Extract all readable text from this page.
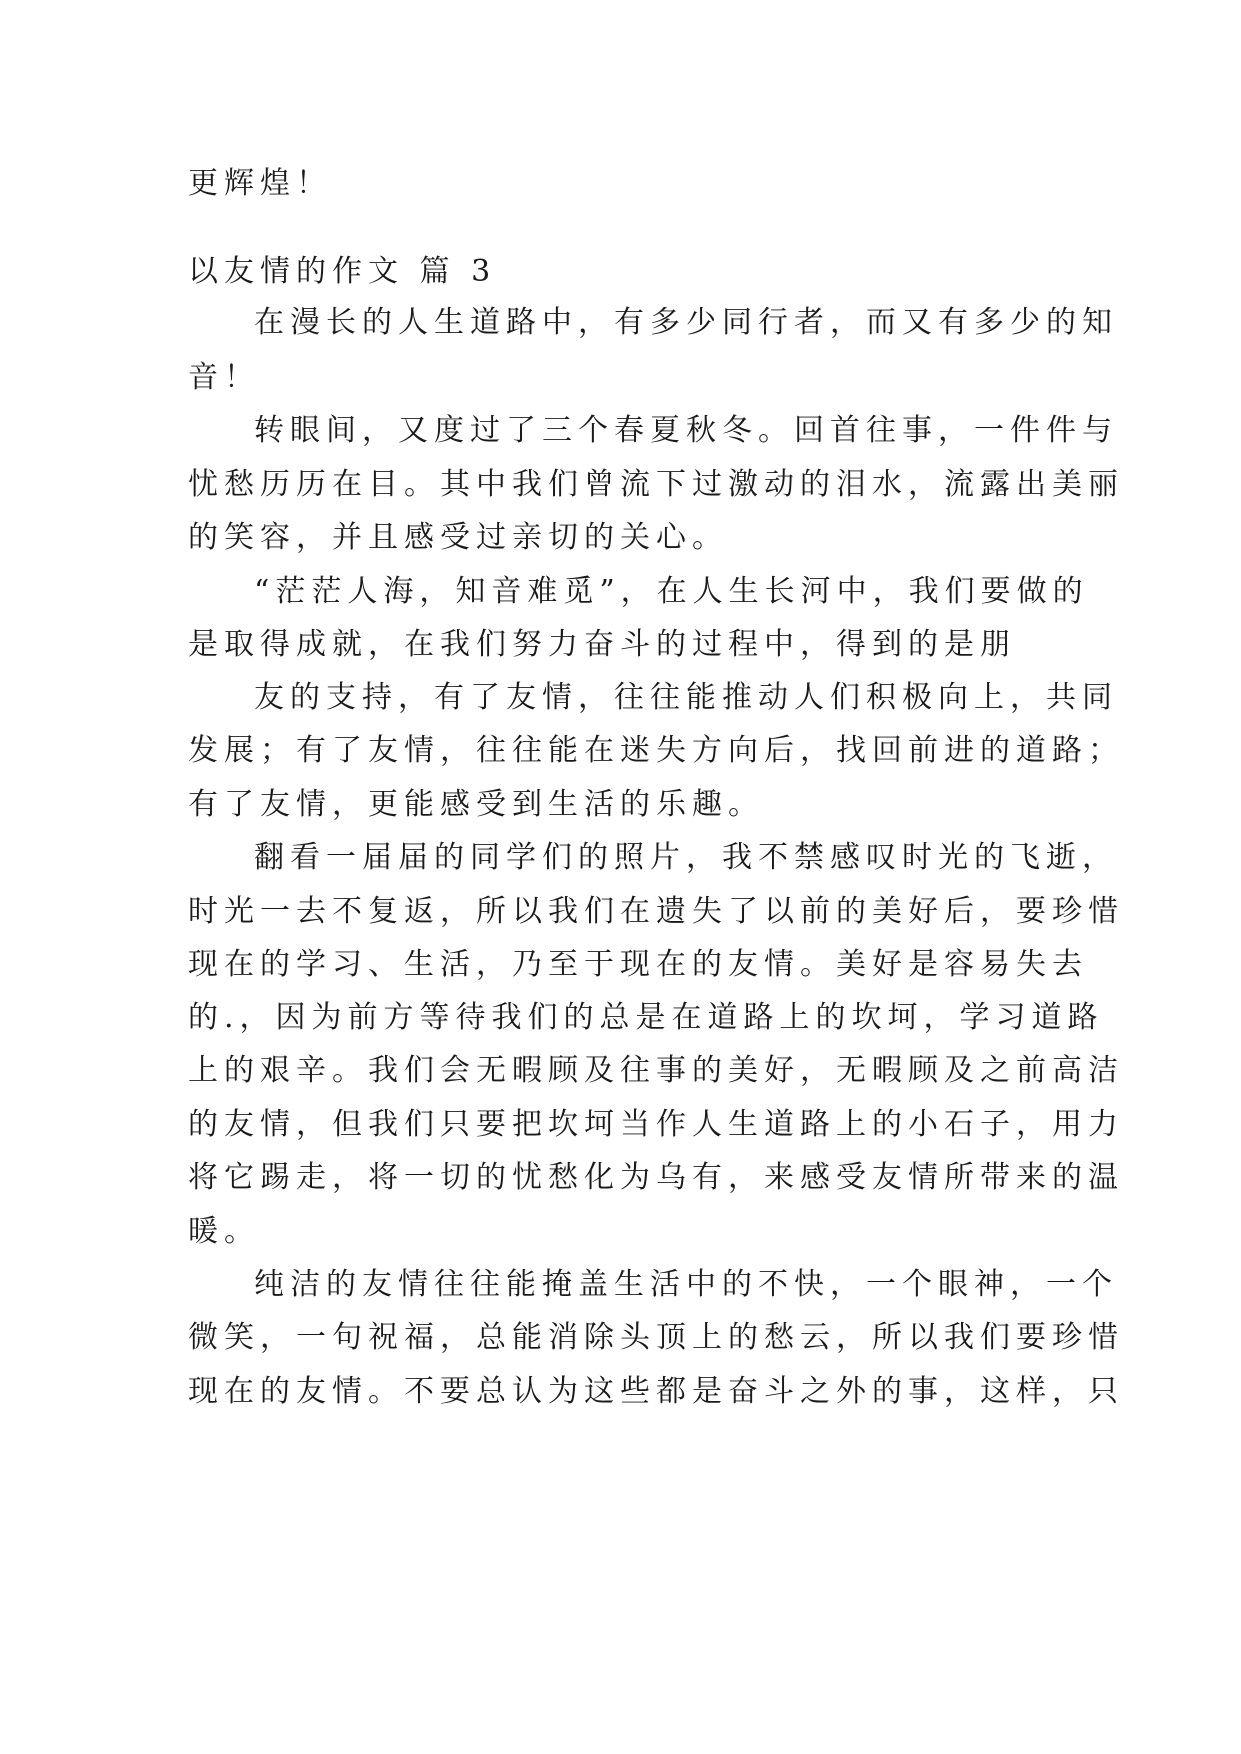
更辉煌！
以友情的作文 篇 3
在漫长的人生道路中，有多少同行者，而又有多少的知
音！
转眼间，又度过了三个春夏秋冬。回首往事，一件件与
忧愁历历在目。其中我们曾流下过激动的泪水，流露出美丽
的笑容，并且感受过亲切的关心。
“茫茫人海，知音难觅”，在人生长河中，我们要做的
是取得成就，在我们努力奋斗的过程中，得到的是朋
友的支持，有了友情，往往能推动人们积极向上，共同
发展；有了友情，往往能在迷失方向后，找回前进的道路；
有了友情，更能感受到生活的乐趣。
翻看一届届的同学们的照片，我不禁感叹时光的飞逝，
时光一去不复返，所以我们在遗失了以前的美好后，要珍惜
现在的学习、生活，乃至于现在的友情。美好是容易失去
的.，因为前方等待我们的总是在道路上的坎坷，学习道路
上的艰辛。我们会无暇顾及往事的美好，无暇顾及之前高洁
的友情，但我们只要把坎坷当作人生道路上的小石子，用力
将它踢走，将一切的忧愁化为乌有，来感受友情所带来的温
暖。
纯洁的友情往往能掩盖生活中的不快，一个眼神，一个
微笑，一句祝福，总能消除头顶上的愁云，所以我们要珍惜
现在的友情。不要总认为这些都是奋斗之外的事，这样，只
